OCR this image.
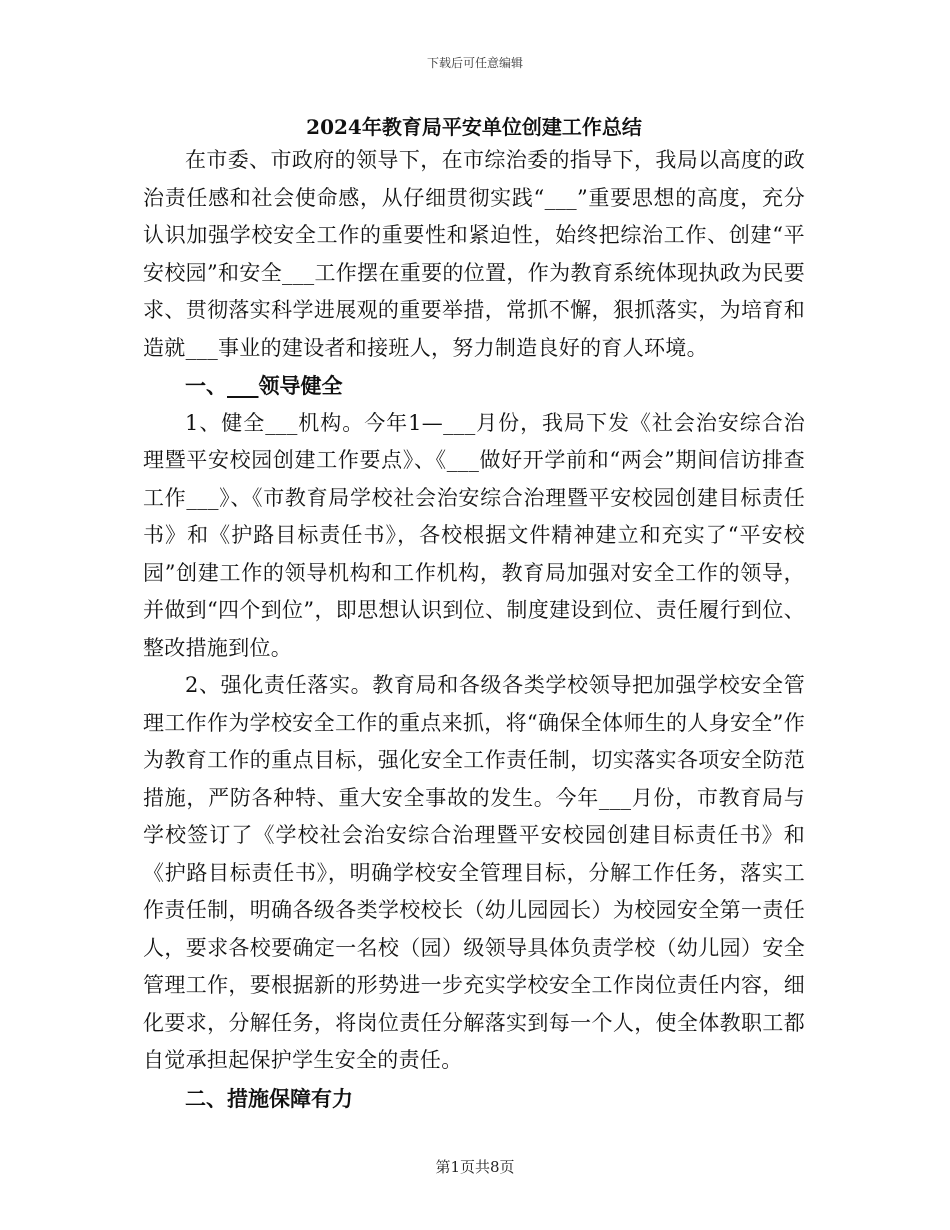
下载后可任意编辑
2024年教育局平安单位创建工作总结

在市委、市政府的领导下，在市综治委的指导下，我局以高度的政治责任感和社会使命感，从仔细贯彻实践“___”重要思想的高度，充分认识加强学校安全工作的重要性和紧迫性，始终把综治工作、创建“平安校园”和安全___工作摆在重要的位置，作为教育系统体现执政为民要求、贯彻落实科学进展观的重要举措，常抓不懈，狠抓落实，为培育和造就___事业的建设者和接班人，努力制造良好的育人环境。

一、___领导健全

1、健全___机构。今年1—___月份，我局下发《社会治安综合治理暨平安校园创建工作要点》、《___做好开学前和“两会”期间信访排查工作___》、《市教育局学校社会治安综合治理暨平安校园创建目标责任书》和《护路目标责任书》，各校根据文件精神建立和充实了“平安校园”创建工作的领导机构和工作机构，教育局加强对安全工作的领导，并做到“四个到位”，即思想认识到位、制度建设到位、责任履行到位、整改措施到位。

2、强化责任落实。教育局和各级各类学校领导把加强学校安全管理工作作为学校安全工作的重点来抓，将“确保全体师生的人身安全”作为教育工作的重点目标，强化安全工作责任制，切实落实各项安全防范措施，严防各种特、重大安全事故的发生。今年___月份，市教育局与学校签订了《学校社会治安综合治理暨平安校园创建目标责任书》和《护路目标责任书》，明确学校安全管理目标，分解工作任务，落实工作责任制，明确各级各类学校校长（幼儿园园长）为校园安全第一责任人，要求各校要确定一名校（园）级领导具体负责学校（幼儿园）安全管理工作，要根据新的形势进一步充实学校安全工作岗位责任内容，细化要求，分解任务，将岗位责任分解落实到每一个人，使全体教职工都自觉承担起保护学生安全的责任。

二、措施保障有力

第1页共8页
